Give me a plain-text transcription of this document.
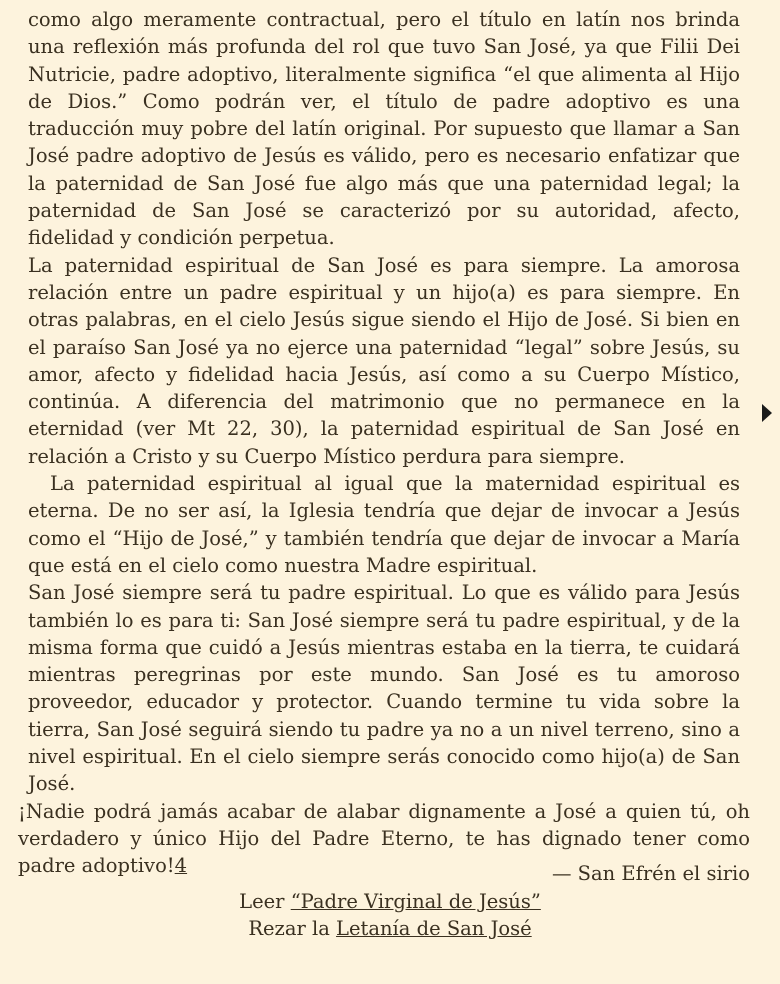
como algo meramente contractual, pero el título en latín nos brinda una reflexión más profunda del rol que tuvo San José, ya que Filii Dei Nutricie, padre adoptivo, literalmente significa “el que alimenta al Hijo de Dios.” Como podrán ver, el título de padre adoptivo es una traducción muy pobre del latín original. Por supuesto que llamar a San José padre adoptivo de Jesús es válido, pero es necesario enfatizar que la paternidad de San José fue algo más que una paternidad legal; la paternidad de San José se caracterizó por su autoridad, afecto, fidelidad y condición perpetua.

La paternidad espiritual de San José es para siempre. La amorosa relación entre un padre espiritual y un hijo(a) es para siempre. En otras palabras, en el cielo Jesús sigue siendo el Hijo de José. Si bien en el paraíso San José ya no ejerce una paternidad “legal” sobre Jesús, su amor, afecto y fidelidad hacia Jesús, así como a su Cuerpo Místico, continúa. A diferencia del matrimonio que no permanece en la eternidad (ver Mt 22, 30), la paternidad espiritual de San José en relación a Cristo y su Cuerpo Místico perdura para siempre.

La paternidad espiritual al igual que la maternidad espiritual es eterna. De no ser así, la Iglesia tendría que dejar de invocar a Jesús como el “Hijo de José,” y también tendría que dejar de invocar a María que está en el cielo como nuestra Madre espiritual.

San José siempre será tu padre espiritual. Lo que es válido para Jesús también lo es para ti: San José siempre será tu padre espiritual, y de la misma forma que cuidó a Jesús mientras estaba en la tierra, te cuidará mientras peregrinas por este mundo. San José es tu amoroso proveedor, educador y protector. Cuando termine tu vida sobre la tierra, San José seguirá siendo tu padre ya no a un nivel terreno, sino a nivel espiritual. En el cielo siempre serás conocido como hijo(a) de San José.

¡Nadie podrá jamás acabar de alabar dignamente a José a quien tú, oh verdadero y único Hijo del Padre Eterno, te has dignado tener como padre adoptivo!4	— San Efrén el sirio
Leer “Padre Virginal de Jesús”
Rezar la Letanía de San José
